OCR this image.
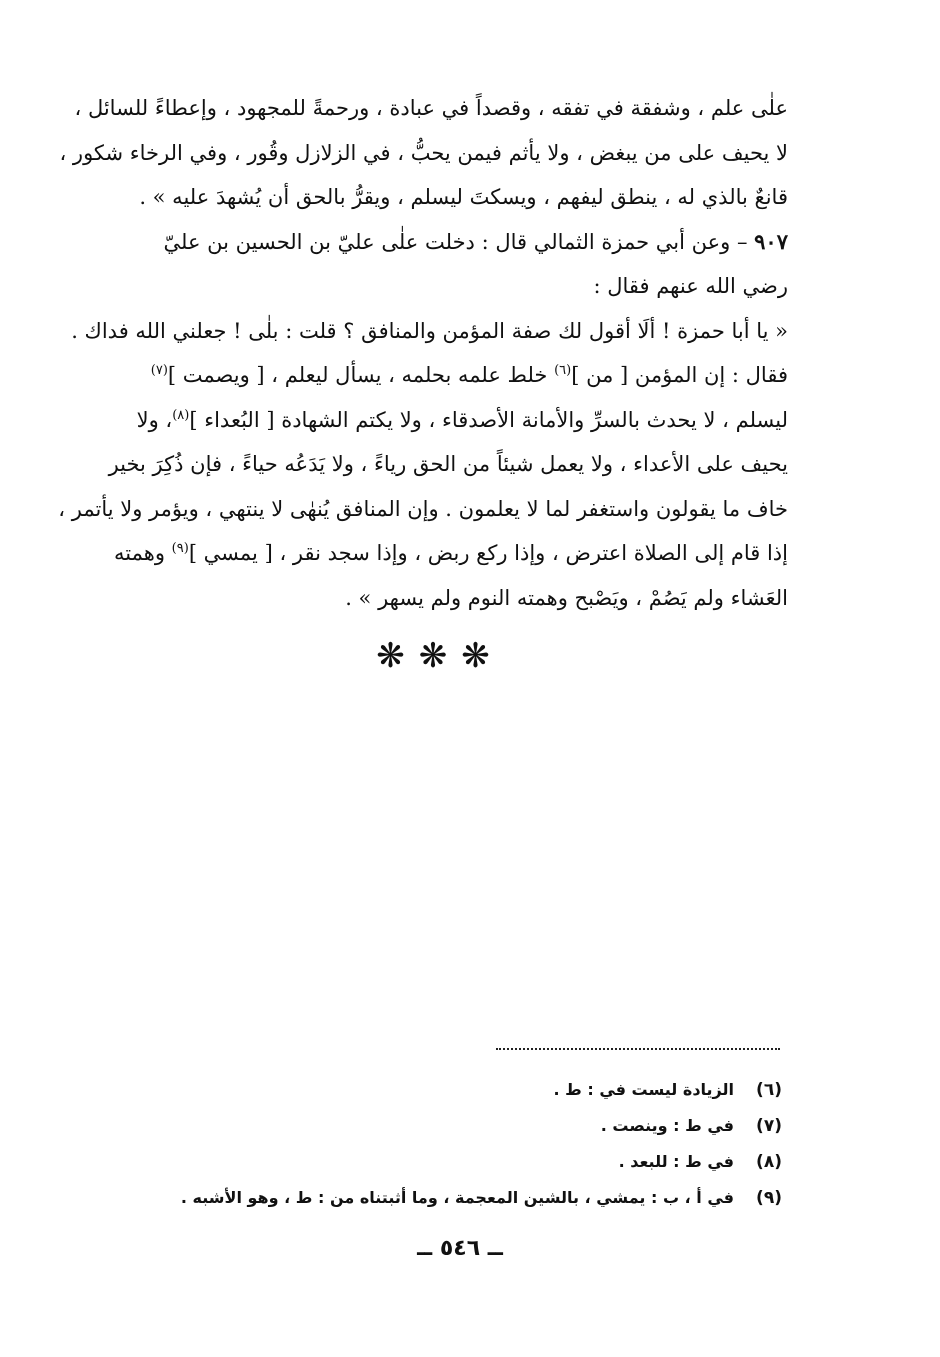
علٰى علم ، وشفقة في تفقه ، وقصداً في عبادة ، ورحمةً للمجهود ، وإعطاءً للسائل ،
لا يحيف على من يبغض ، ولا يأثم فيمن يحبُّ ، في الزلازل وقُور ، وفي الرخاء شكور ،
قانعٌ بالذي له ، ينطق ليفهم ، ويسكتَ ليسلم ، ويقرُّ بالحق أن يُشهدَ عليه » .

٩٠٧ – وعن أبي حمزة الثمالي قال : دخلت علٰى عليّ بن الحسين بن عليّ
رضي الله عنهم فقال :

« يا أبا حمزة ! ألَا أقول لك صفة المؤمن والمنافق ؟ قلت : بلٰى ! جعلني الله فداك .
فقال : إن المؤمن [ من ]$^{(٦)}$ خلط علمه بحلمه ، يسأل ليعلم ، [ ويصمت ]$^{(٧)}$
ليسلم ، لا يحدث بالسرِّ والأمانة الأصدقاء ، ولا يكتم الشهادة [ البُعداء ]$^{(٨)}$، ولا
يحيف على الأعداء ، ولا يعمل شيئاً من الحق رياءً ، ولا يَدَعُه حياءً ، فإن ذُكِرَ بخير
خاف ما يقولون واستغفر لما لا يعلمون . وإن المنافق يُنهٰى لا ينتهي ، ويؤمر ولا يأتمر ،
إذا قام إلى الصلاة اعترض ، وإذا ركع ربض ، وإذا سجد نقر ، [ يمسي ]$^{(٩)}$ وهمته
العَشاء ولم يَصُمْ ، ويَصْبح وهمته النوم ولم يسهر » .

❋❋❋
(٦)
الزيادة ليست في : ط .
(٧)
في ط : وينصت .
(٨)
في ط : للبعد .
(٩)
في أ ، ب : يمشي ، بالشين المعجمة ، وما أثبتناه من : ط ، وهو الأشبه .
ــ ٥٤٦ ــ
